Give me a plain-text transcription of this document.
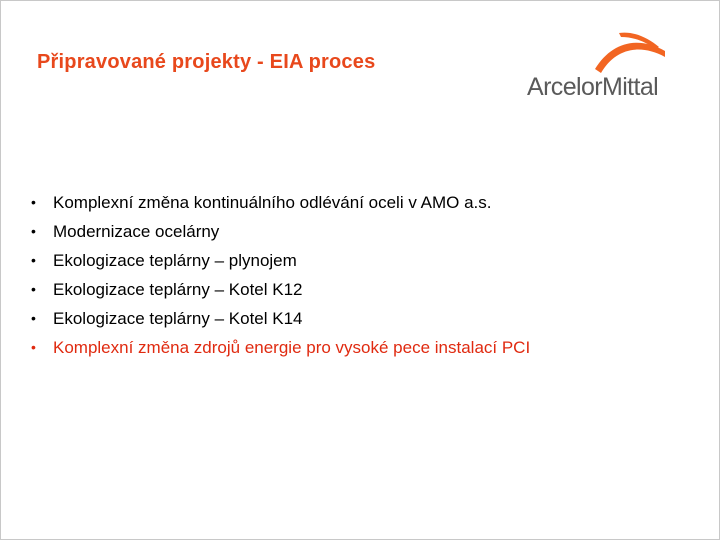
Připravované projekty - EIA proces
ArcelorMittal
• Komplexní změna kontinuálního odlévání oceli v AMO a.s.
• Modernizace ocelárny
• Ekologizace teplárny – plynojem
• Ekologizace teplárny – Kotel K12
• Ekologizace teplárny – Kotel K14
• Komplexní změna zdrojů energie pro vysoké pece instalací PCI
